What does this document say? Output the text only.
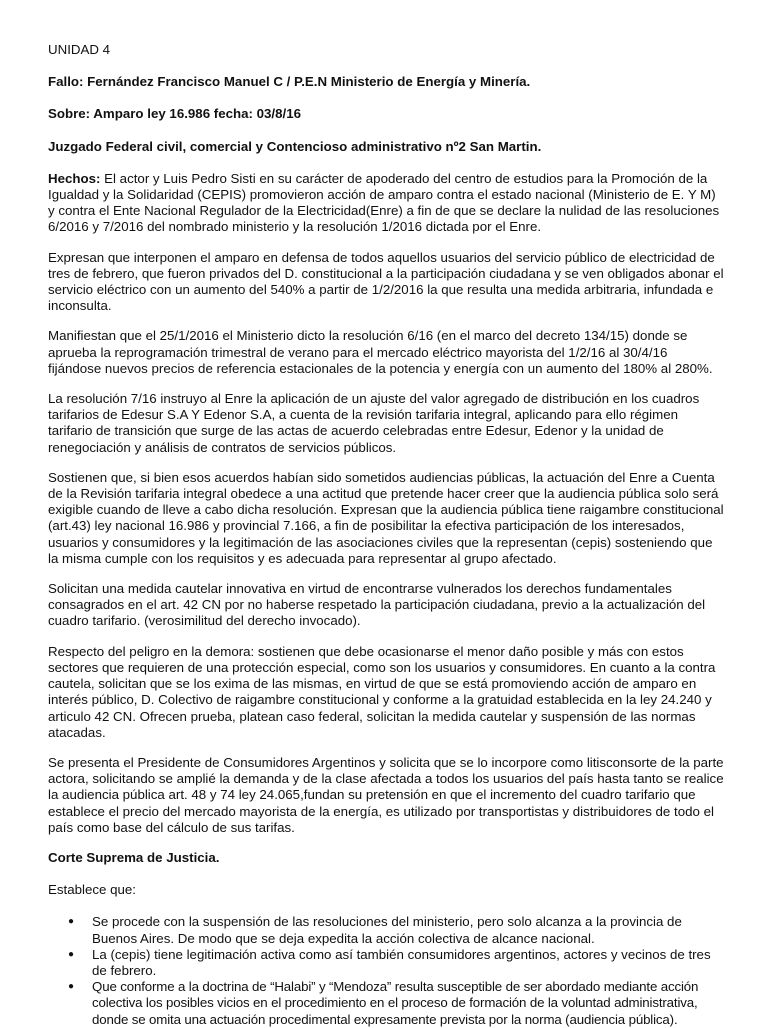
UNIDAD 4
Fallo: Fernández Francisco Manuel C / P.E.N Ministerio de Energía y Minería.
Sobre: Amparo ley 16.986 fecha: 03/8/16
Juzgado Federal civil, comercial y Contencioso administrativo nº2 San Martin.

Hechos: El actor y Luis Pedro Sisti en su carácter de apoderado del centro de estudios para la Promoción de la Igualdad y la Solidaridad (CEPIS) promovieron acción de amparo contra el estado nacional (Ministerio de E. Y M) y contra el Ente Nacional Regulador de la Electricidad(Enre) a fin de que se declare la nulidad de las resoluciones 6/2016 y 7/2016 del nombrado ministerio y la resolución 1/2016 dictada por el Enre.

Expresan que interponen el amparo en defensa de todos aquellos usuarios del servicio público de electricidad de tres de febrero, que fueron privados del D. constitucional a la participación ciudadana y se ven obligados abonar el servicio eléctrico con un aumento del 540% a partir de 1/2/2016 la que resulta una medida arbitraria, infundada e inconsulta.

Manifiestan que el 25/1/2016 el Ministerio dicto la resolución 6/16 (en el marco del decreto 134/15) donde se aprueba la reprogramación trimestral de verano para el mercado eléctrico mayorista del 1/2/16 al 30/4/16 fijándose nuevos precios de referencia estacionales de la potencia y energía con un aumento del 180% al 280%.

La resolución 7/16 instruyo al Enre la aplicación de un ajuste del valor agregado de distribución en los cuadros tarifarios de Edesur S.A Y Edenor S.A, a cuenta de la revisión tarifaria integral, aplicando para ello régimen tarifario de transición que surge de las actas de acuerdo celebradas entre Edesur, Edenor y la unidad de renegociación y análisis de contratos de servicios públicos.

Sostienen que, si bien esos acuerdos habían sido sometidos audiencias públicas, la actuación del Enre a Cuenta de la Revisión tarifaria integral obedece a una actitud que pretende hacer creer que la audiencia pública solo será exigible cuando de lleve a cabo dicha resolución. Expresan que la audiencia pública tiene raigambre constitucional (art.43) ley nacional 16.986 y provincial 7.166, a fin de posibilitar la efectiva participación de los interesados, usuarios y consumidores y la legitimación de las asociaciones civiles que la representan (cepis) sosteniendo que la misma cumple con los requisitos y es adecuada para representar al grupo afectado.

Solicitan una medida cautelar innovativa en virtud de encontrarse vulnerados los derechos fundamentales consagrados en el art. 42 CN por no haberse respetado la participación ciudadana, previo a la actualización del cuadro tarifario. (verosimilitud del derecho invocado).

Respecto del peligro en la demora: sostienen que debe ocasionarse el menor daño posible y más con estos sectores que requieren de una protección especial, como son los usuarios y consumidores. En cuanto a la contra cautela, solicitan que se los exima de las mismas, en virtud de que se está promoviendo acción de amparo en interés público, D. Colectivo de raigambre constitucional y conforme a la gratuidad establecida en la ley 24.240 y articulo 42 CN. Ofrecen prueba, platean caso federal, solicitan la medida cautelar y suspensión de las normas atacadas.

Se presenta el Presidente de Consumidores Argentinos y solicita que se lo incorpore como litisconsorte de la parte actora, solicitando se amplié la demanda y de la clase afectada a todos los usuarios del país hasta tanto se realice la audiencia pública art. 48 y 74 ley 24.065,fundan su pretensión en que el incremento del cuadro tarifario que establece el precio del mercado mayorista de la energía, es utilizado por transportistas y distribuidores de todo el país como base del cálculo de sus tarifas.

Corte Suprema de Justicia.
Establece que:
● Se procede con la suspensión de las resoluciones del ministerio, pero solo alcanza a la provincia de Buenos Aires. De modo que se deja expedita la acción colectiva de alcance nacional.
● La (cepis) tiene legitimación activa como así también consumidores argentinos, actores y vecinos de tres de febrero.
● Que conforme a la doctrina de “Halabi” y “Mendoza” resulta susceptible de ser abordado mediante acción colectiva los posibles vicios en el procedimiento en el proceso de formación de la voluntad administrativa, donde se omita una actuación procedimental expresamente prevista por la norma (audiencia pública).
